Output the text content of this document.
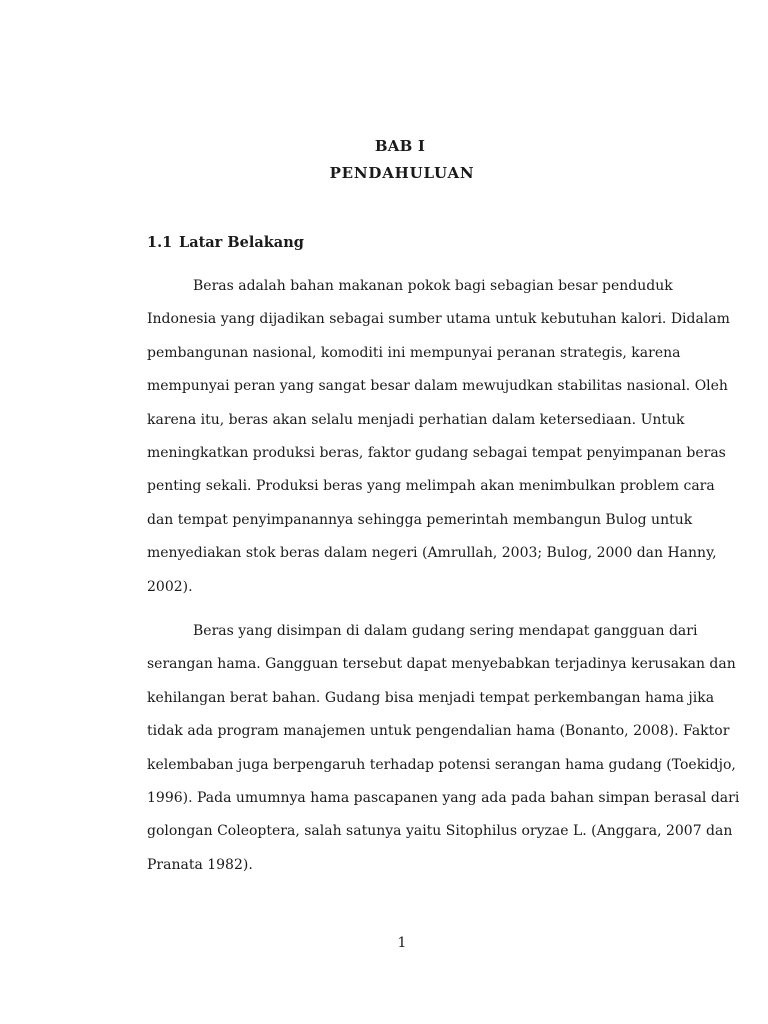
BAB I
PENDAHULUAN
1.1 Latar Belakang
Beras adalah bahan makanan pokok bagi sebagian besar penduduk
Indonesia yang dijadikan sebagai sumber utama untuk kebutuhan kalori. Didalam
pembangunan nasional, komoditi ini mempunyai peranan strategis, karena
mempunyai peran yang sangat besar dalam mewujudkan stabilitas nasional. Oleh
karena itu, beras akan selalu menjadi perhatian dalam ketersediaan. Untuk
meningkatkan produksi beras, faktor gudang sebagai tempat penyimpanan beras
penting sekali. Produksi beras yang melimpah akan menimbulkan problem cara
dan tempat penyimpanannya sehingga pemerintah membangun Bulog untuk
menyediakan stok beras dalam negeri (Amrullah, 2003; Bulog, 2000 dan Hanny,
2002).
Beras yang disimpan di dalam gudang sering mendapat gangguan dari
serangan hama. Gangguan tersebut dapat menyebabkan terjadinya kerusakan dan
kehilangan berat bahan. Gudang bisa menjadi tempat perkembangan hama jika
tidak ada program manajemen untuk pengendalian hama (Bonanto, 2008). Faktor
kelembaban juga berpengaruh terhadap potensi serangan hama gudang (Toekidjo,
1996). Pada umumnya hama pascapanen yang ada pada bahan simpan berasal dari
golongan Coleoptera, salah satunya yaitu Sitophilus oryzae L. (Anggara, 2007 dan
Pranata 1982).
1
